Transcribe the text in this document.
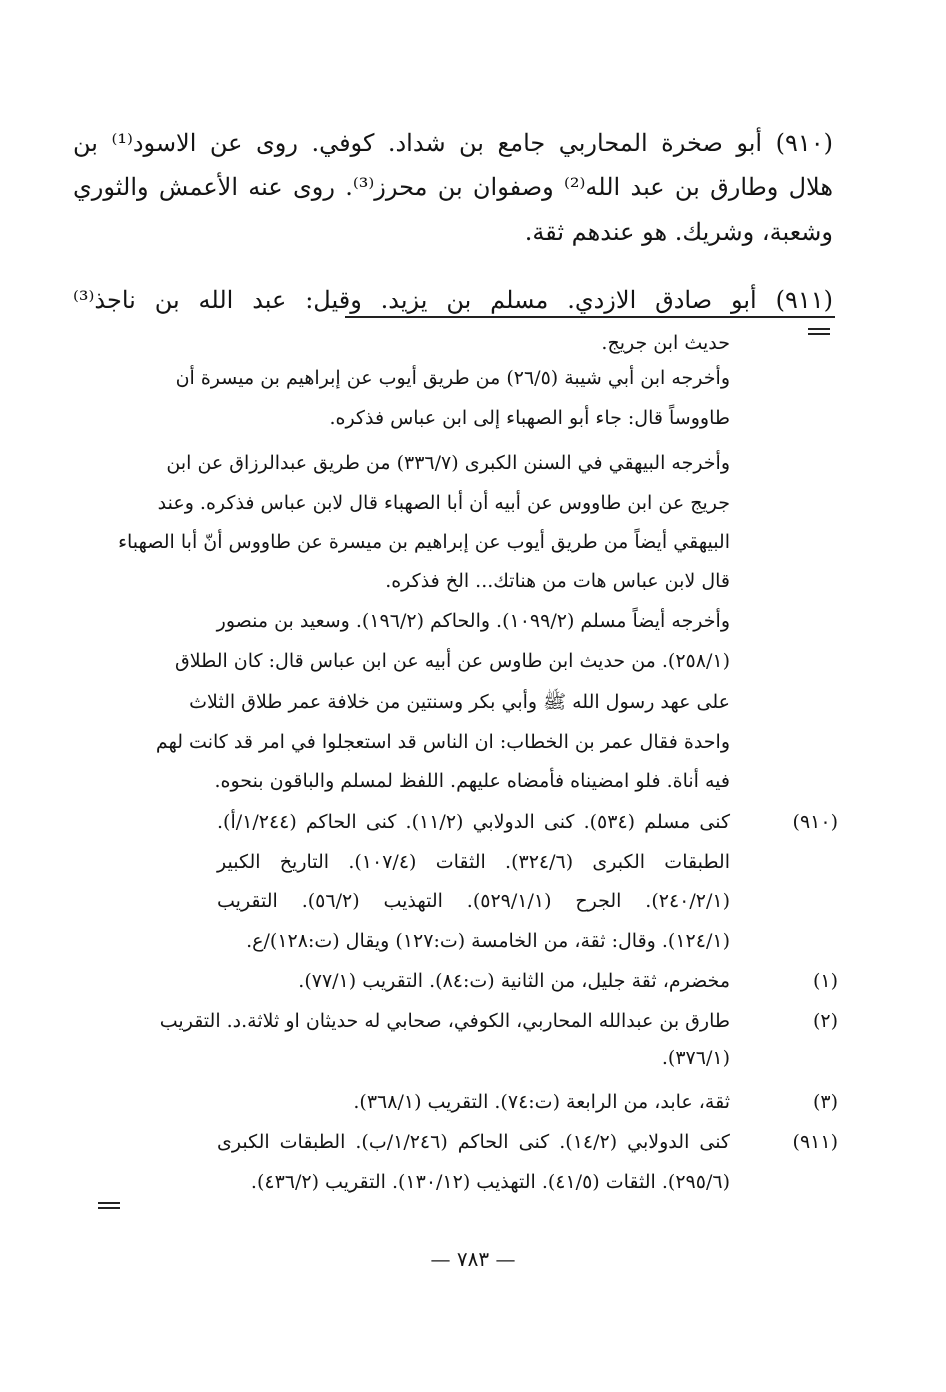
(٩١٠) أبو صخرة المحاربي جامع بن شداد. كوفي. روى عن الاسود⁽¹⁾ بن
هلال وطارق بن عبد الله⁽²⁾ وصفوان بن محرز⁽³⁾. روى عنه الأعمش والثوري
وشعبة، وشريك. هو عندهم ثقة.
(٩١١) أبو صادق الازدي. مسلم بن يزيد. وقيل: عبد الله بن ناجذ⁽³⁾
حديث ابن جريج.
وأخرجه ابن أبي شيبة (٢٦/٥) من طريق أيوب عن إبراهيم بن ميسرة أن
طاووساً قال: جاء أبو الصهباء إلى ابن عباس فذكره.
وأخرجه البيهقي في السنن الكبرى (٣٣٦/٧) من طريق عبدالرزاق عن ابن
جريج عن ابن طاووس عن أبيه أن أبا الصهباء قال لابن عباس فذكره. وعند
البيهقي أيضاً من طريق أيوب عن إبراهيم بن ميسرة عن طاووس أنّ أبا الصهباء
قال لابن عباس هات من هناتك... الخ فذكره.
وأخرجه أيضاً مسلم (١٠٩٩/٢). والحاكم (١٩٦/٢). وسعيد بن منصور
(٢٥٨/١). من حديث ابن طاوس عن أبيه عن ابن عباس قال: كان الطلاق
على عهد رسول الله ﷺ وأبي بكر وسنتين من خلافة عمر طلاق الثلاث
واحدة فقال عمر بن الخطاب: ان الناس قد استعجلوا في امر قد كانت لهم
فيه أناة. فلو امضيناه فأمضاه عليهم. اللفظ لمسلم والباقون بنحوه.
(٩١٠)
كنى مسلم (٥٣٤). كنى الدولابي (١١/٢). كنى الحاكم (١/٢٤٤/أ).
الطبقات الكبرى (٣٢٤/٦). الثقات (١٠٧/٤). التاريخ الكبير
(٢٤٠/٢/١). الجرح (٥٢٩/١/١). التهذيب (٥٦/٢). التقريب
(١٢٤/١). وقال: ثقة، من الخامسة (ت:١٢٧) ويقال (ت:١٢٨)/ع.
(١)
مخضرم، ثقة جليل، من الثانية (ت:٨٤). التقريب (٧٧/١).
(٢)
طارق بن عبدالله المحاربي، الكوفي، صحابي له حديثان او ثلاثة.د. التقريب
(٣٧٦/١).
(٣)
ثقة، عابد، من الرابعة (ت:٧٤). التقريب (٣٦٨/١).
(٩١١)
كنى الدولابي (١٤/٢). كنى الحاكم (١/٢٤٦/ب). الطبقات الكبرى
(٢٩٥/٦). الثقات (٤١/٥). التهذيب (١٣٠/١٢). التقريب (٤٣٦/٢).
— ٧٨٣ —
